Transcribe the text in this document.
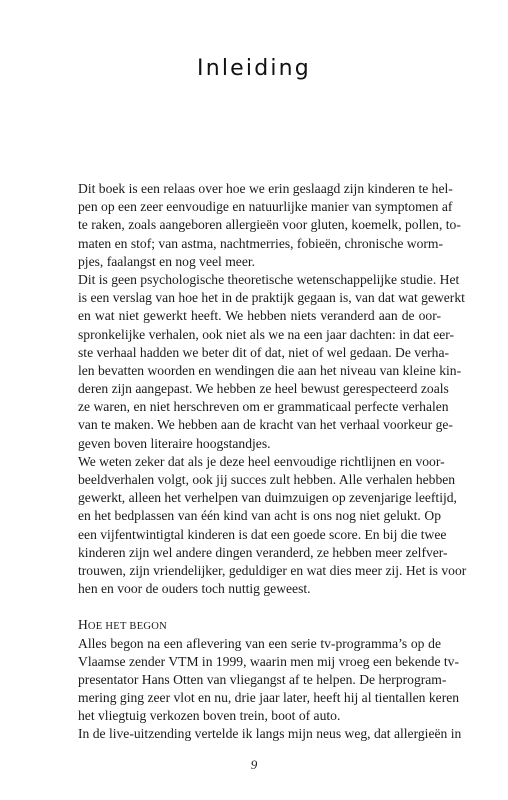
Inleiding
Dit boek is een relaas over hoe we erin geslaagd zijn kinderen te hel-
pen op een zeer eenvoudige en natuurlijke manier van symptomen af
te raken, zoals aangeboren allergieën voor gluten, koemelk, pollen, to-
maten en stof; van astma, nachtmerries, fobieën, chronische worm-
pjes, faalangst en nog veel meer.
Dit is geen psychologische theoretische wetenschappelijke studie. Het
is een verslag van hoe het in de praktijk gegaan is, van dat wat gewerkt
en wat niet gewerkt heeft. We hebben niets veranderd aan de oor-
spronkelijke verhalen, ook niet als we na een jaar dachten: in dat eer-
ste verhaal hadden we beter dit of dat, niet of wel gedaan. De verha-
len bevatten woorden en wendingen die aan het niveau van kleine kin-
deren zijn aangepast. We hebben ze heel bewust gerespecteerd zoals
ze waren, en niet herschreven om er grammaticaal perfecte verhalen
van te maken. We hebben aan de kracht van het verhaal voorkeur ge-
geven boven literaire hoogstandjes.
We weten zeker dat als je deze heel eenvoudige richtlijnen en voor-
beeldverhalen volgt, ook jij succes zult hebben. Alle verhalen hebben
gewerkt, alleen het verhelpen van duimzuigen op zevenjarige leeftijd,
en het bedplassen van één kind van acht is ons nog niet gelukt. Op
een vijfentwintigtal kinderen is dat een goede score. En bij die twee
kinderen zijn wel andere dingen veranderd, ze hebben meer zelfver-
trouwen, zijn vriendelijker, geduldiger en wat dies meer zij. Het is voor
hen en voor de ouders toch nuttig geweest.
HOE HET BEGON
Alles begon na een aflevering van een serie tv-programma’s op de
Vlaamse zender VTM in 1999, waarin men mij vroeg een bekende tv-
presentator Hans Otten van vliegangst af te helpen. De herprogram-
mering ging zeer vlot en nu, drie jaar later, heeft hij al tientallen keren
het vliegtuig verkozen boven trein, boot of auto.
In de live-uitzending vertelde ik langs mijn neus weg, dat allergieën in
9
